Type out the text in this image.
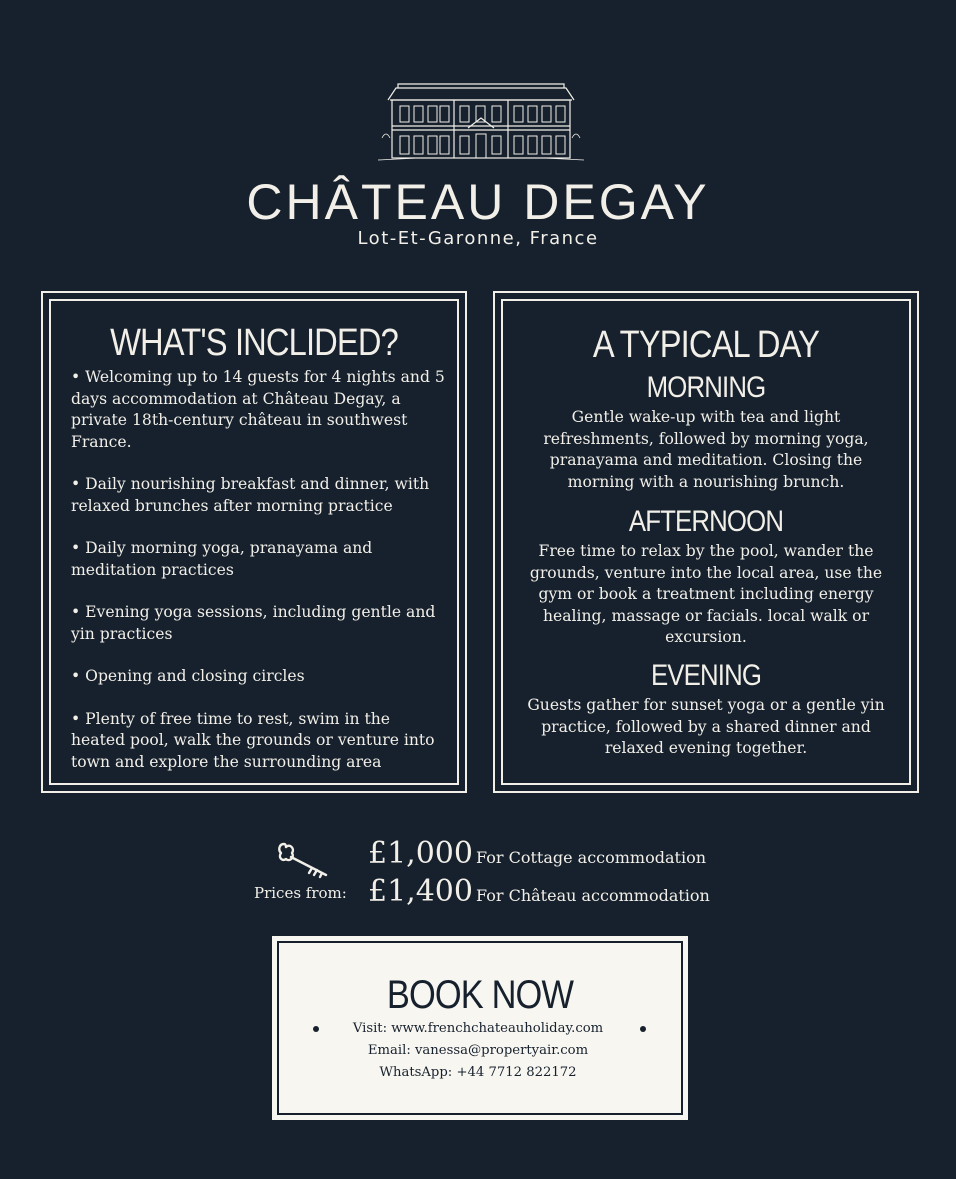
CHÂTEAU DEGAY
Lot-Et-Garonne, France
WHAT'S INCLIDED?
• Welcoming up to 14 guests for 4 nights and 5 days accommodation at Château Degay, a private 18th-century château in southwest France.
• Daily nourishing breakfast and dinner, with relaxed brunches after morning practice
• Daily morning yoga, pranayama and meditation practices
• Evening yoga sessions, including gentle and yin practices
• Opening and closing circles
• Plenty of free time to rest, swim in the heated pool, walk the grounds or venture into town and explore the surrounding area
A TYPICAL DAY
MORNING
Gentle wake-up with tea and light refreshments, followed by morning yoga, pranayama and meditation. Closing the morning with a nourishing brunch.
AFTERNOON
Free time to relax by the pool, wander the grounds, venture into the local area, use the gym or book a treatment including energy healing, massage or facials. local walk or excursion.
EVENING
Guests gather for sunset yoga or a gentle yin practice, followed by a shared dinner and relaxed evening together.
Prices from:
£1,000 For Cottage accommodation
£1,400 For Château accommodation
BOOK NOW
Visit: www.frenchchateauholiday.com
Email: vanessa@propertyair.com
WhatsApp: +44 7712 822172
